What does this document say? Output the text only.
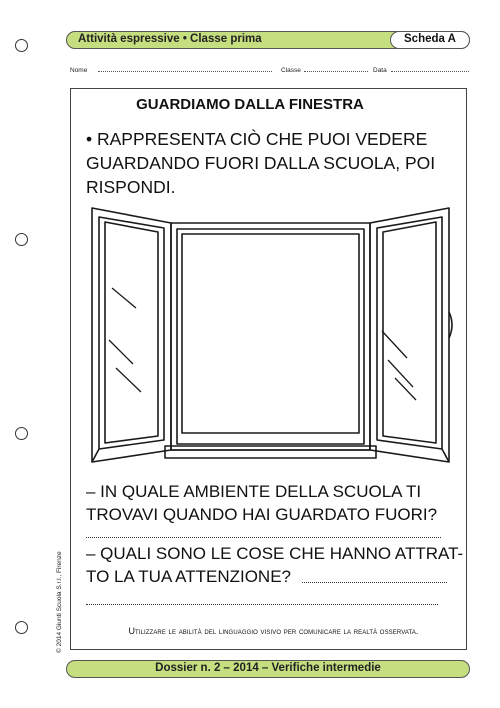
Attività espressive • Classe prima	Scheda A
Nome	Classe	Data
GUARDIAMO DALLA FINESTRA
• RAPPRESENTA CIÒ CHE PUOI VEDERE GUARDANDO FUORI DALLA SCUOLA, POI RISPONDI.
– IN QUALE AMBIENTE DELLA SCUOLA TI TROVAVI QUANDO HAI GUARDATO FUORI?
– QUALI SONO LE COSE CHE HANNO ATTRAT-
TO LA TUA ATTENZIONE?
Utilizzare le abilità del linguaggio visivo per comunicare la realtà osservata.
Dossier n. 2 – 2014 – Verifiche intermedie
© 2014 Giunti Scuola S.r.l., Firenze
